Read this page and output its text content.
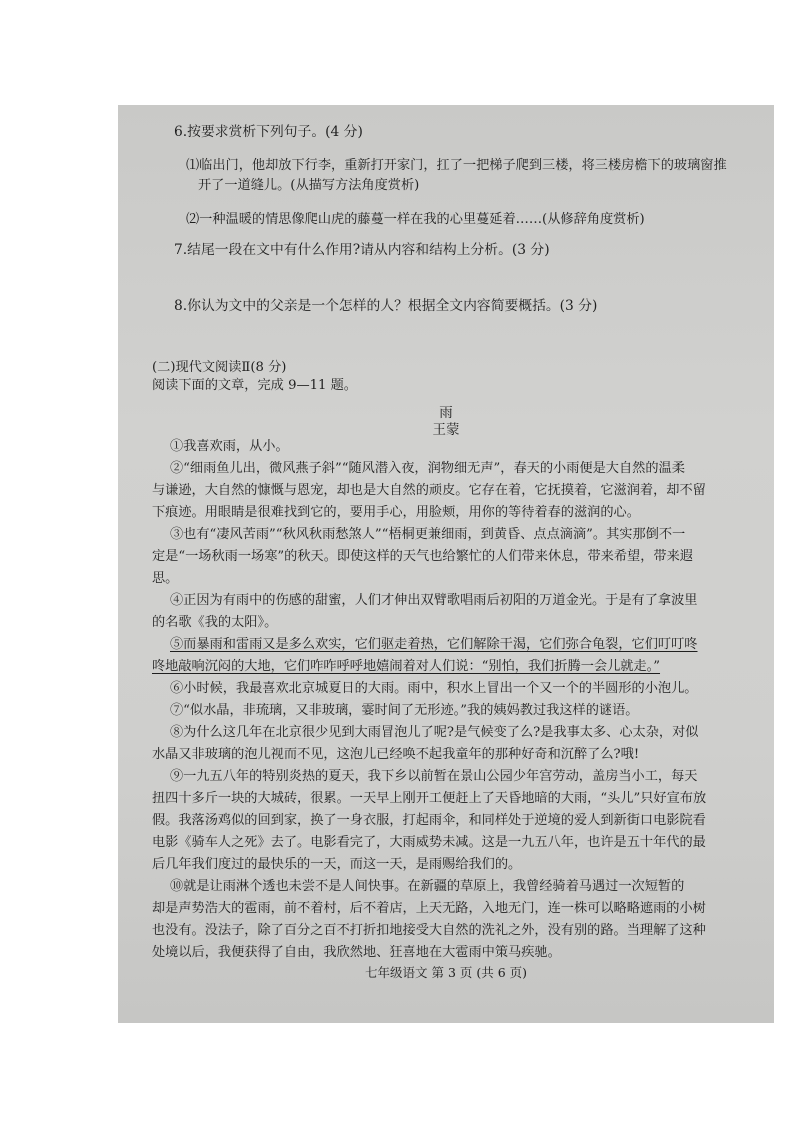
6.按要求赏析下列句子。(4 分)
⑴临出门，他却放下行李，重新打开家门，扛了一把梯子爬到三楼，将三楼房檐下的玻璃窗推
开了一道缝儿。(从描写方法角度赏析)
⑵一种温暖的情思像爬山虎的藤蔓一样在我的心里蔓延着……(从修辞角度赏析)
7.结尾一段在文中有什么作用?请从内容和结构上分析。(3 分)
8.你认为文中的父亲是一个怎样的人？根据全文内容简要概括。(3 分)
(二)现代文阅读Ⅱ(8 分)
阅读下面的文章，完成 9—11 题。
雨
王蒙
①我喜欢雨，从小。
②“细雨鱼儿出，微风燕子斜”“随风潜入夜，润物细无声”，春天的小雨便是大自然的温柔
与谦逊，大自然的慷慨与恩宠，却也是大自然的顽皮。它存在着，它抚摸着，它滋润着，却不留
下痕迹。用眼睛是很难找到它的，要用手心，用脸颊，用你的等待着春的滋润的心。
③也有“凄风苦雨”“秋风秋雨愁煞人”“梧桐更兼细雨，到黄昏、点点滴滴”。其实那倒不一
定是“一场秋雨一场寒”的秋天。即使这样的天气也给繁忙的人们带来休息，带来希望，带来遐
思。
④正因为有雨中的伤感的甜蜜，人们才伸出双臂歌唱雨后初阳的万道金光。于是有了拿波里
的名歌《我的太阳》。
⑤而暴雨和雷雨又是多么欢实，它们驱走着热，它们解除干渴，它们弥合龟裂，它们叮叮咚
咚地敲响沉闷的大地，它们咋咋呼呼地嬉闹着对人们说：“别怕，我们折腾一会儿就走。”
⑥小时候，我最喜欢北京城夏日的大雨。雨中，积水上冒出一个又一个的半圆形的小泡儿。
⑦“似水晶，非琉璃，又非玻璃，霎时间了无形迹。”我的姨妈教过我这样的谜语。
⑧为什么这几年在北京很少见到大雨冒泡儿了呢?是气候变了么?是我事太多、心太杂，对似
水晶又非玻璃的泡儿视而不见，这泡儿已经唤不起我童年的那种好奇和沉醉了么?哦!
⑨一九五八年的特别炎热的夏天，我下乡以前暂在景山公园少年宫劳动，盖房当小工，每天
扭四十多斤一块的大城砖，很累。一天早上刚开工便赶上了天昏地暗的大雨，“头儿”只好宣布放
假。我落汤鸡似的回到家，换了一身衣服，打起雨伞，和同样处于逆境的爱人到新街口电影院看
电影《骑车人之死》去了。电影看完了，大雨威势未减。这是一九五八年，也许是五十年代的最
后几年我们度过的最快乐的一天，而这一天，是雨赐给我们的。
⑩就是让雨淋个透也未尝不是人间快事。在新疆的草原上，我曾经骑着马遇过一次短暂的
却是声势浩大的雹雨，前不着村，后不着店，上天无路，入地无门，连一株可以略略遮雨的小树
也没有。没法子，除了百分之百不打折扣地接受大自然的洗礼之外，没有别的路。当理解了这种
处境以后，我便获得了自由，我欣然地、狂喜地在大雹雨中策马疾驰。
七年级语文 第 3 页 (共 6 页)
